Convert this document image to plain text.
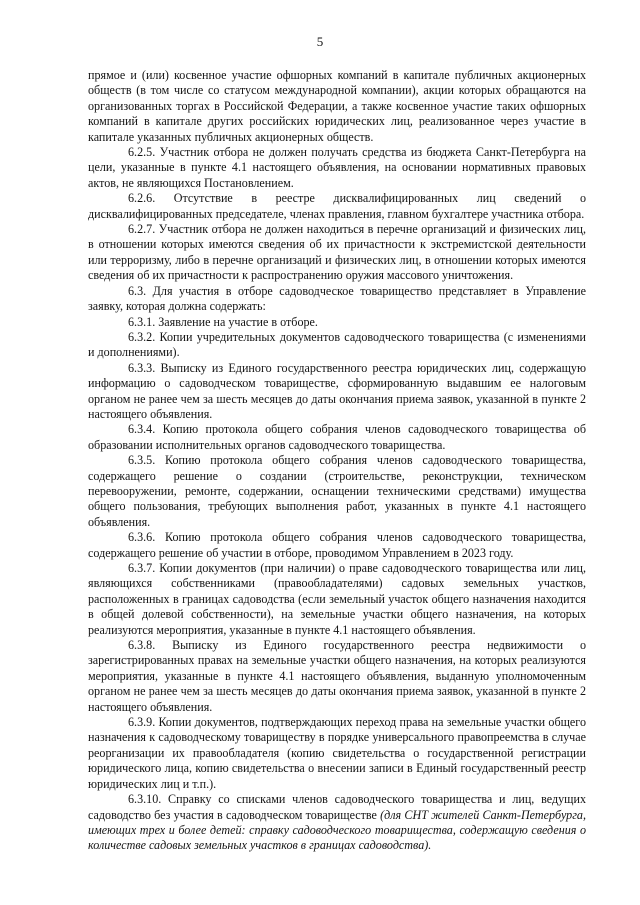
5

прямое и (или) косвенное участие офшорных компаний в капитале публичных акционерных обществ (в том числе со статусом международной компании), акции которых обращаются на организованных торгах в Российской Федерации, а также косвенное участие таких офшорных компаний в капитале других российских юридических лиц, реализованное через участие в капитале указанных публичных акционерных обществ.

6.2.5. Участник отбора не должен получать средства из бюджета Санкт-Петербурга на цели, указанные в пункте 4.1 настоящего объявления, на основании нормативных правовых актов, не являющихся Постановлением.

6.2.6. Отсутствие в реестре дисквалифицированных лиц сведений о дисквалифицированных председателе, членах правления, главном бухгалтере участника отбора.

6.2.7. Участник отбора не должен находиться в перечне организаций и физических лиц, в отношении которых имеются сведения об их причастности к экстремистской деятельности или терроризму, либо в перечне организаций и физических лиц, в отношении которых имеются сведения об их причастности к распространению оружия массового уничтожения.

6.3. Для участия в отборе садоводческое товарищество представляет в Управление заявку, которая должна содержать:

6.3.1. Заявление на участие в отборе.

6.3.2. Копии учредительных документов садоводческого товарищества (с изменениями и дополнениями).

6.3.3. Выписку из Единого государственного реестра юридических лиц, содержащую информацию о садоводческом товариществе, сформированную выдавшим ее налоговым органом не ранее чем за шесть месяцев до даты окончания приема заявок, указанной в пункте 2 настоящего объявления.

6.3.4. Копию протокола общего собрания членов садоводческого товарищества об образовании исполнительных органов садоводческого товарищества.

6.3.5. Копию протокола общего собрания членов садоводческого товарищества, содержащего решение о создании (строительстве, реконструкции, техническом перевооружении, ремонте, содержании, оснащении техническими средствами) имущества общего пользования, требующих выполнения работ, указанных в пункте 4.1 настоящего объявления.

6.3.6. Копию протокола общего собрания членов садоводческого товарищества, содержащего решение об участии в отборе, проводимом Управлением в 2023 году.

6.3.7. Копии документов (при наличии) о праве садоводческого товарищества или лиц, являющихся собственниками (правообладателями) садовых земельных участков, расположенных в границах садоводства (если земельный участок общего назначения находится в общей долевой собственности), на земельные участки общего назначения, на которых реализуются мероприятия, указанные в пункте 4.1 настоящего объявления.

6.3.8. Выписку из Единого государственного реестра недвижимости о зарегистрированных правах на земельные участки общего назначения, на которых реализуются мероприятия, указанные в пункте 4.1 настоящего объявления, выданную уполномоченным органом не ранее чем за шесть месяцев до даты окончания приема заявок, указанной в пункте 2 настоящего объявления.

6.3.9. Копии документов, подтверждающих переход права на земельные участки общего назначения к садоводческому товариществу в порядке универсального правопреемства в случае реорганизации их правообладателя (копию свидетельства о государственной регистрации юридического лица, копию свидетельства о внесении записи в Единый государственный реестр юридических лиц и т.п.).

6.3.10. Справку со списками членов садоводческого товарищества и лиц, ведущих садоводство без участия в садоводческом товариществе (для СНТ жителей Санкт-Петербурга, имеющих трех и более детей: справку садоводческого товарищества, содержащую сведения о количестве садовых земельных участков в границах садоводства).
